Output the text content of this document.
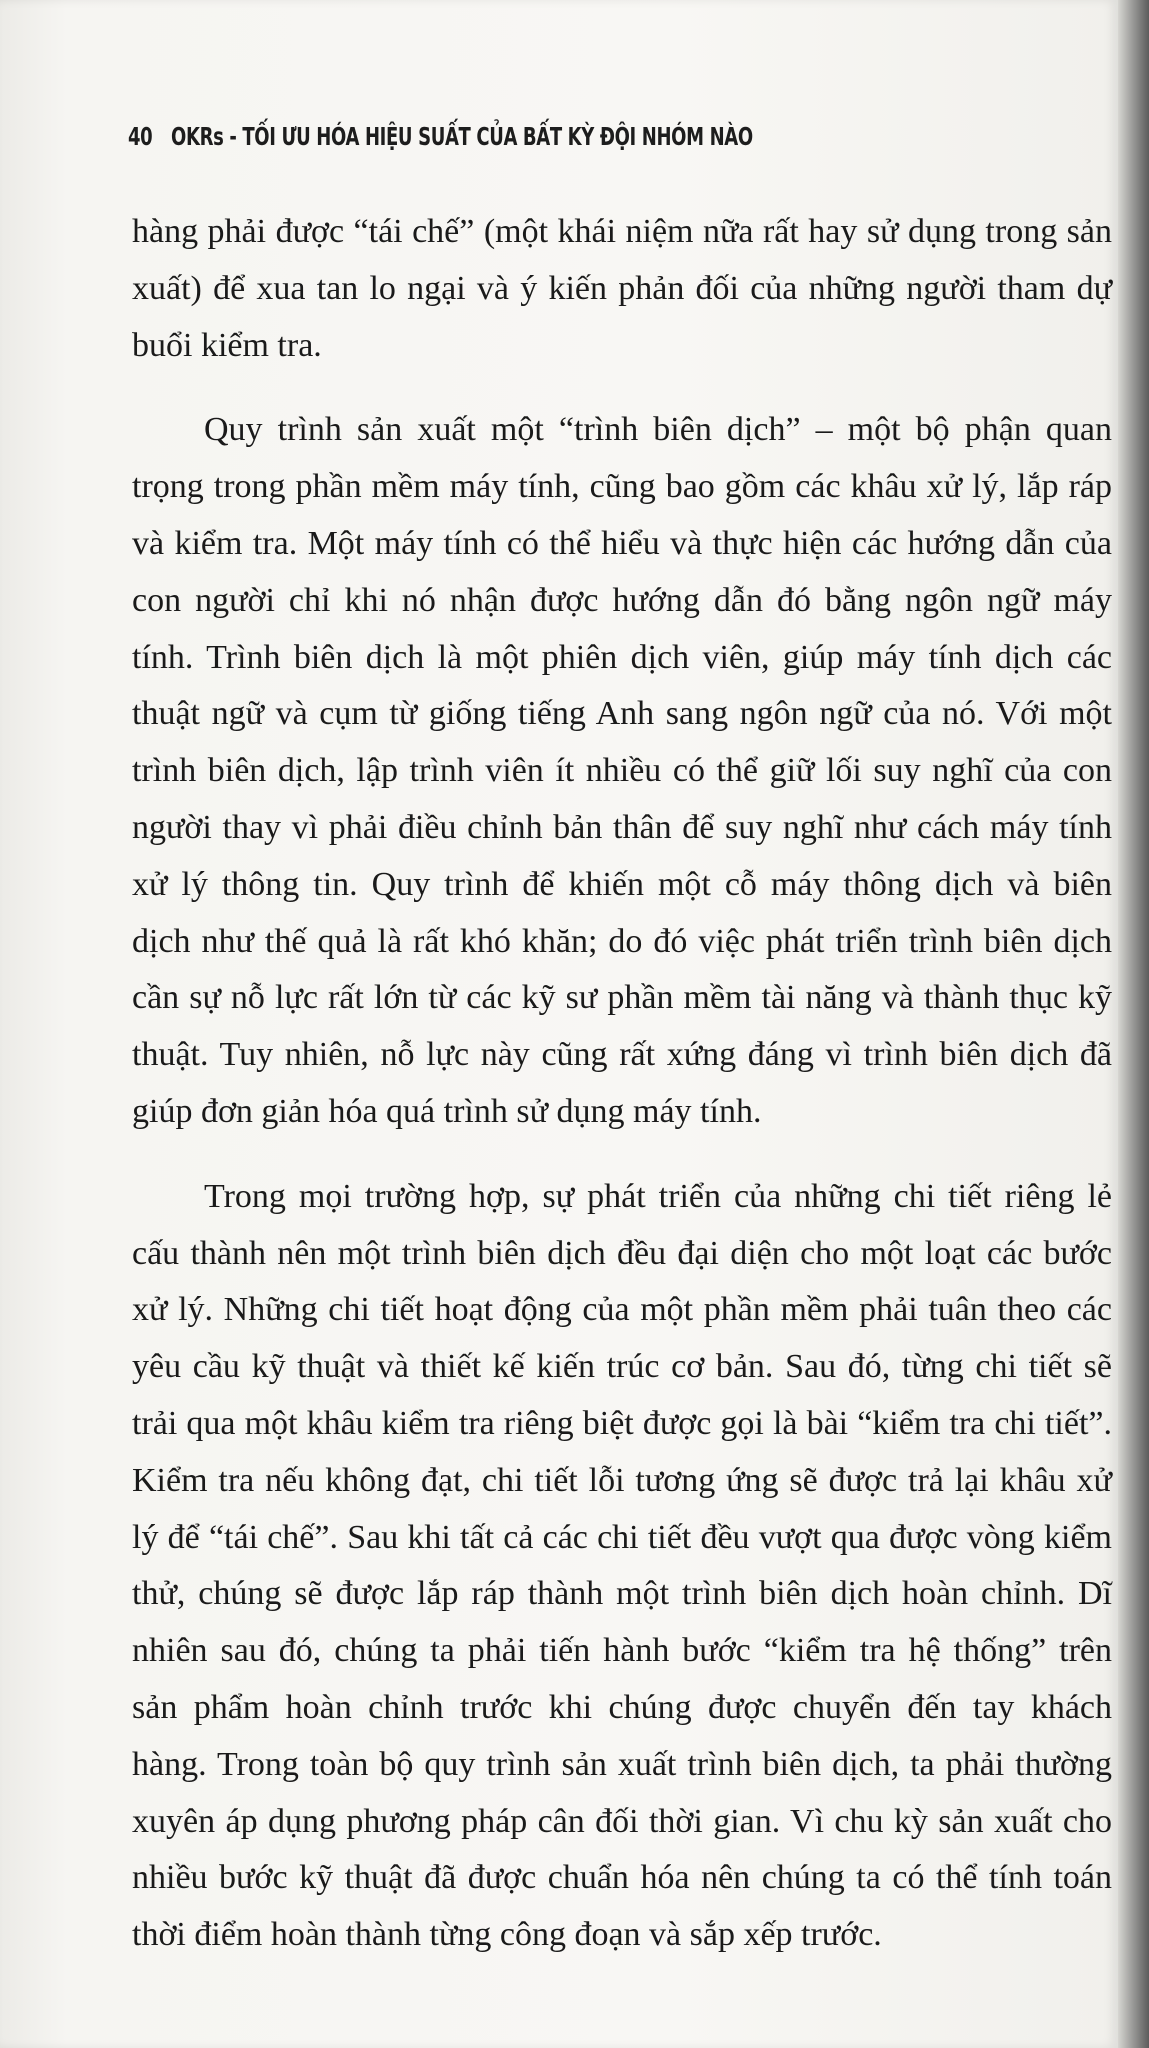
40 OKRs - TỐI ƯU HÓA HIỆU SUẤT CỦA BẤT KỲ ĐỘI NHÓM NÀO
hàng phải được “tái chế” (một khái niệm nữa rất hay sử dụng trong sản
xuất) để xua tan lo ngại và ý kiến phản đối của những người tham dự
buổi kiểm tra.
Quy trình sản xuất một “trình biên dịch” – một bộ phận quan
trọng trong phần mềm máy tính, cũng bao gồm các khâu xử lý, lắp ráp
và kiểm tra. Một máy tính có thể hiểu và thực hiện các hướng dẫn của
con người chỉ khi nó nhận được hướng dẫn đó bằng ngôn ngữ máy
tính. Trình biên dịch là một phiên dịch viên, giúp máy tính dịch các
thuật ngữ và cụm từ giống tiếng Anh sang ngôn ngữ của nó. Với một
trình biên dịch, lập trình viên ít nhiều có thể giữ lối suy nghĩ của con
người thay vì phải điều chỉnh bản thân để suy nghĩ như cách máy tính
xử lý thông tin. Quy trình để khiến một cỗ máy thông dịch và biên
dịch như thế quả là rất khó khăn; do đó việc phát triển trình biên dịch
cần sự nỗ lực rất lớn từ các kỹ sư phần mềm tài năng và thành thục kỹ
thuật. Tuy nhiên, nỗ lực này cũng rất xứng đáng vì trình biên dịch đã
giúp đơn giản hóa quá trình sử dụng máy tính.
Trong mọi trường hợp, sự phát triển của những chi tiết riêng lẻ
cấu thành nên một trình biên dịch đều đại diện cho một loạt các bước
xử lý. Những chi tiết hoạt động của một phần mềm phải tuân theo các
yêu cầu kỹ thuật và thiết kế kiến trúc cơ bản. Sau đó, từng chi tiết sẽ
trải qua một khâu kiểm tra riêng biệt được gọi là bài “kiểm tra chi tiết”.
Kiểm tra nếu không đạt, chi tiết lỗi tương ứng sẽ được trả lại khâu xử
lý để “tái chế”. Sau khi tất cả các chi tiết đều vượt qua được vòng kiểm
thử, chúng sẽ được lắp ráp thành một trình biên dịch hoàn chỉnh. Dĩ
nhiên sau đó, chúng ta phải tiến hành bước “kiểm tra hệ thống” trên
sản phẩm hoàn chỉnh trước khi chúng được chuyển đến tay khách
hàng. Trong toàn bộ quy trình sản xuất trình biên dịch, ta phải thường
xuyên áp dụng phương pháp cân đối thời gian. Vì chu kỳ sản xuất cho
nhiều bước kỹ thuật đã được chuẩn hóa nên chúng ta có thể tính toán
thời điểm hoàn thành từng công đoạn và sắp xếp trước.
